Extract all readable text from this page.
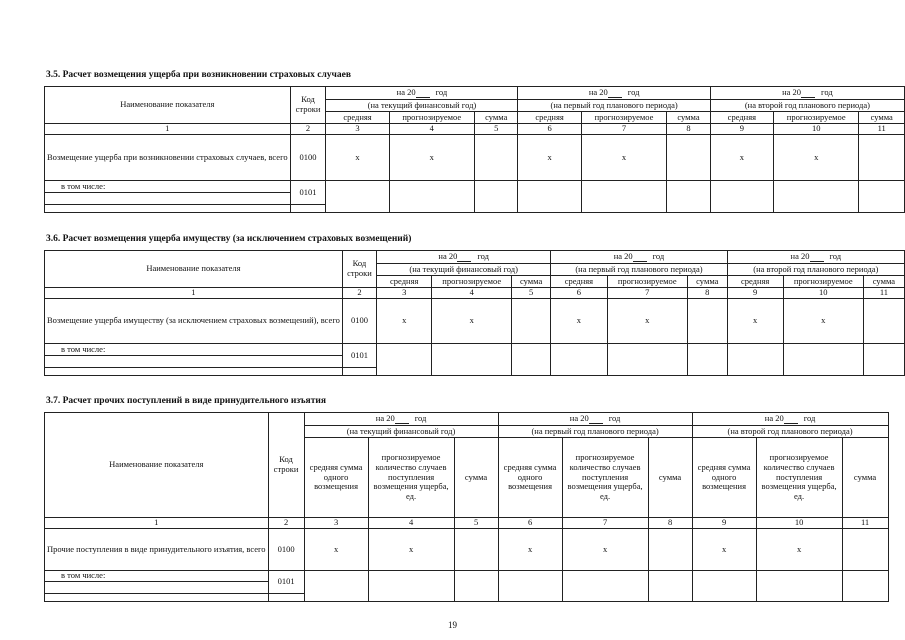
3.5. Расчет возмещения ущерба при возникновении страховых случаев
Наименование показателя	Код строки	на 20 год			на 20 год			на 20 год		
		(на текущий финансовый год)			(на первый год планового периода)			(на второй год планового периода)		
		средняя	прогнозируемое	сумма	средняя	прогнозируемое	сумма	средняя	прогнозируемое	сумма
1	2	3	4	5	6	7	8	9	10	11
Возмещение ущерба при возникновении страховых случаев, всего	0100	x	x		x	x		x	x	
в том числе:	0101									

3.6. Расчет возмещения ущерба имуществу (за исключением страховых возмещений)
Наименование показателя	Код строки	на 20 год			на 20 год			на 20 год		
		(на текущий финансовый год)			(на первый год планового периода)			(на второй год планового периода)		
		средняя	прогнозируемое	сумма	средняя	прогнозируемое	сумма	средняя	прогнозируемое	сумма
1	2	3	4	5	6	7	8	9	10	11
Возмещение ущерба имуществу (за исключением страховых возмещений), всего	0100	x	x		x	x		x	x	
в том числе:	0101									

3.7. Расчет прочих поступлений в виде принудительного изъятия
Наименование показателя	Код строки	на 20 год			на 20 год			на 20 год		
		(на текущий финансовый год)			(на первый год планового периода)			(на второй год планового периода)		
		средняя сумма одного возмещения	прогнозируемое количество случаев поступления возмещения ущерба, ед.	сумма	средняя сумма одного возмещения	прогнозируемое количество случаев поступления возмещения ущерба, ед.	сумма	средняя сумма одного возмещения	прогнозируемое количество случаев поступления возмещения ущерба, ед.	сумма
1	2	3	4	5	6	7	8	9	10	11
Прочие поступления в виде принудительного изъятия, всего	0100	x	x		x	x		x	x	
в том числе:	0101									

19
